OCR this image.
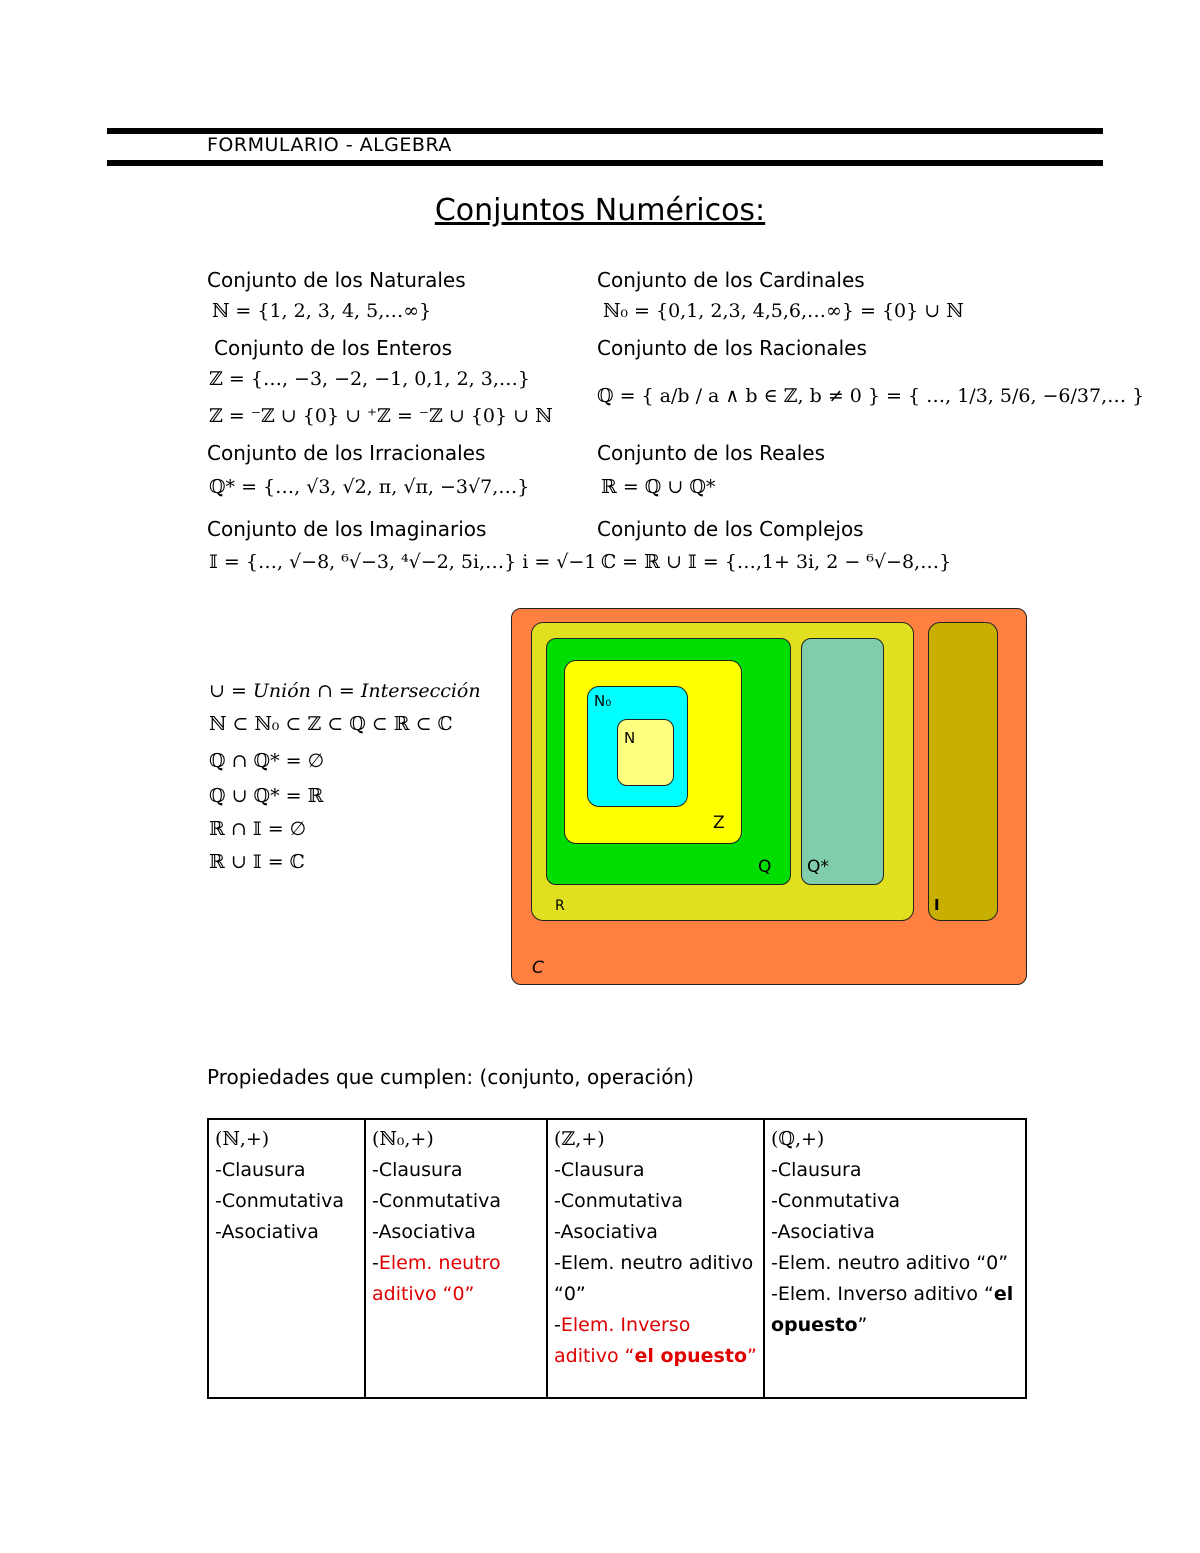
FORMULARIO - ALGEBRA
Conjuntos Numéricos:
Conjunto de los Naturales
ℕ = {1, 2, 3, 4, 5,…∞}
Conjunto de los Enteros
ℤ = {…, −3, −2, −1, 0,1, 2, 3,…}
ℤ = ⁻ℤ ∪ {0} ∪ ⁺ℤ = ⁻ℤ ∪ {0} ∪ ℕ
Conjunto de los Irracionales
ℚ* = {…, √3, √2, π, √π, −3√7,…}
Conjunto de los Imaginarios
𝕀 = {…, √−8, ⁶√−3, ⁴√−2, 5i,…} i = √−1
Conjunto de los Cardinales
ℕ₀ = {0,1, 2,3, 4,5,6,…∞} = {0} ∪ ℕ
Conjunto de los Racionales
ℚ = { a/b / a ∧ b ∈ ℤ, b ≠ 0 } = { …, 1/3, 5/6, −6/37,… }
Conjunto de los Reales
ℝ = ℚ ∪ ℚ*
Conjunto de los Complejos
ℂ = ℝ ∪ 𝕀 = {…,1+ 3i, 2 − ⁶√−8,…}
∪ = Unión ∩ = Intersección
ℕ ⊂ ℕ₀ ⊂ ℤ ⊂ ℚ ⊂ ℝ ⊂ ℂ
ℚ ∩ ℚ* = ∅
ℚ ∪ ℚ* = ℝ
ℝ ∩ 𝕀 = ∅
ℝ ∪ 𝕀 = ℂ
C
R
Q Q*
Z
N₀
N
I
Propiedades que cumplen: (conjunto, operación)
(ℕ,+)
-Clausura
-Conmutativa
-Asociativa

(ℕ₀,+)
-Clausura
-Conmutativa
-Asociativa
-Elem. neutro aditivo “0”

(ℤ,+)
-Clausura
-Conmutativa
-Asociativa
-Elem. neutro aditivo “0”
-Elem. Inverso aditivo “el opuesto”

(ℚ,+)
-Clausura
-Conmutativa
-Asociativa
-Elem. neutro aditivo “0”
-Elem. Inverso aditivo “el opuesto”
